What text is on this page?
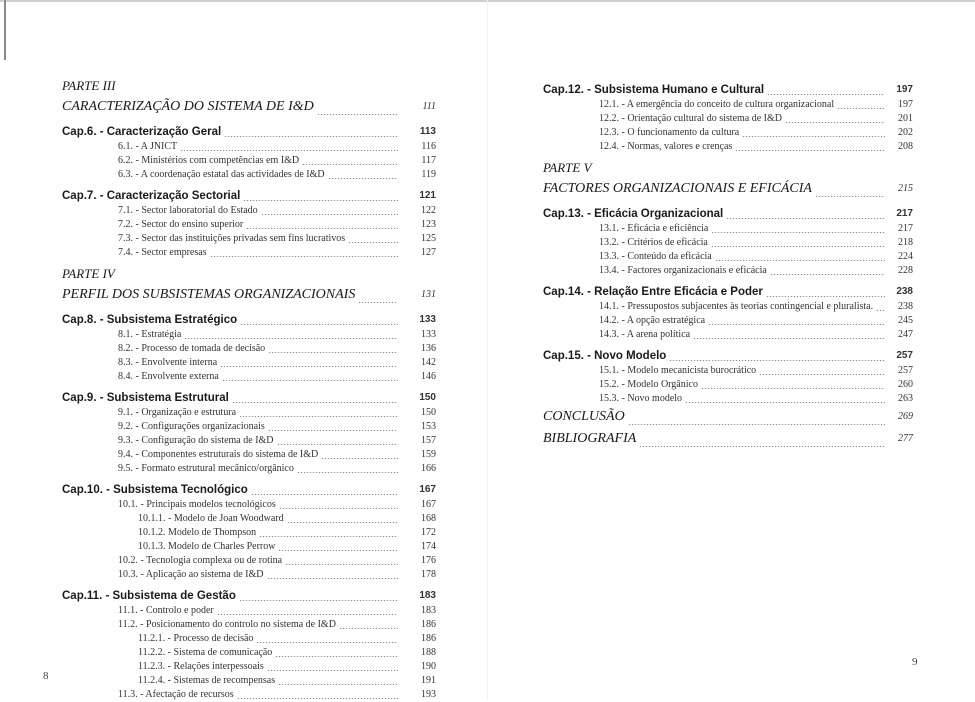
PARTE III
CARACTERIZAÇÃO DO SISTEMA DE I&D	111
Cap.6. - Caracterização Geral	113
6.1. - A JNICT	116
6.2. - Ministérios com competências em I&D	117
6.3. - A coordenação estatal das actividades de I&D	119
Cap.7. - Caracterização Sectorial	121
7.1. - Sector laboratorial do Estado	122
7.2. - Sector do ensino superior	123
7.3. - Sector das instituições privadas sem fins lucrativos	125
7.4. - Sector empresas	127
PARTE IV
PERFIL DOS SUBSISTEMAS ORGANIZACIONAIS	131
Cap.8. - Subsistema Estratégico	133
8.1. - Estratégia	133
8.2. - Processo de tomada de decisão	136
8.3. - Envolvente interna	142
8.4. - Envolvente externa	146
Cap.9. - Subsistema Estrutural	150
9.1. - Organização e estrutura	150
9.2. - Configurações organizacionais	153
9.3. - Configuração do sistema de I&D	157
9.4. - Componentes estruturais do sistema de I&D	159
9.5. - Formato estrutural mecânico/orgânico	166
Cap.10. - Subsistema Tecnológico	167
10.1. - Principais modelos tecnológicos	167
10.1.1. - Modelo de Joan Woodward	168
10.1.2. Modelo de Thompson	172
10.1.3. Modelo de Charles Perrow	174
10.2. - Tecnologia complexa ou de rotina	176
10.3. - Aplicação ao sistema de I&D	178
Cap.11. - Subsistema de Gestão	183
11.1. - Controlo e poder	183
11.2. - Posicionamento do controlo no sistema de I&D	186
11.2.1. - Processo de decisão	186
11.2.2. - Sistema de comunicação	188
11.2.3. - Relações interpessoais	190
11.2.4. - Sistemas de recompensas	191
11.3. - Afectação de recursos	193
Cap.12. - Subsistema Humano e Cultural	197
12.1. - A emergência do conceito de cultura organizacional	197
12.2. - Orientação cultural do sistema de I&D	201
12.3. - O funcionamento da cultura	202
12.4. - Normas, valores e crenças	208
PARTE V
FACTORES ORGANIZACIONAIS E EFICÁCIA	215
Cap.13. - Eficácia Organizacional	217
13.1. - Eficácia e eficiência	217
13.2. - Critérios de eficácia	218
13.3. - Conteúdo da eficácia	224
13.4. - Factores organizacionais e eficácia	228
Cap.14. - Relação Entre Eficácia e Poder	238
14.1. - Pressupostos subjacentes às teorias contingencial e pluralista.	238
14.2. - A opção estratégica	245
14.3. - A arena política	247
Cap.15. - Novo Modelo	257
15.1. - Modelo mecanicista burocrático	257
15.2. - Modelo Orgânico	260
15.3. - Novo modelo	263
CONCLUSÃO	269
BIBLIOGRAFIA	277
8
9
